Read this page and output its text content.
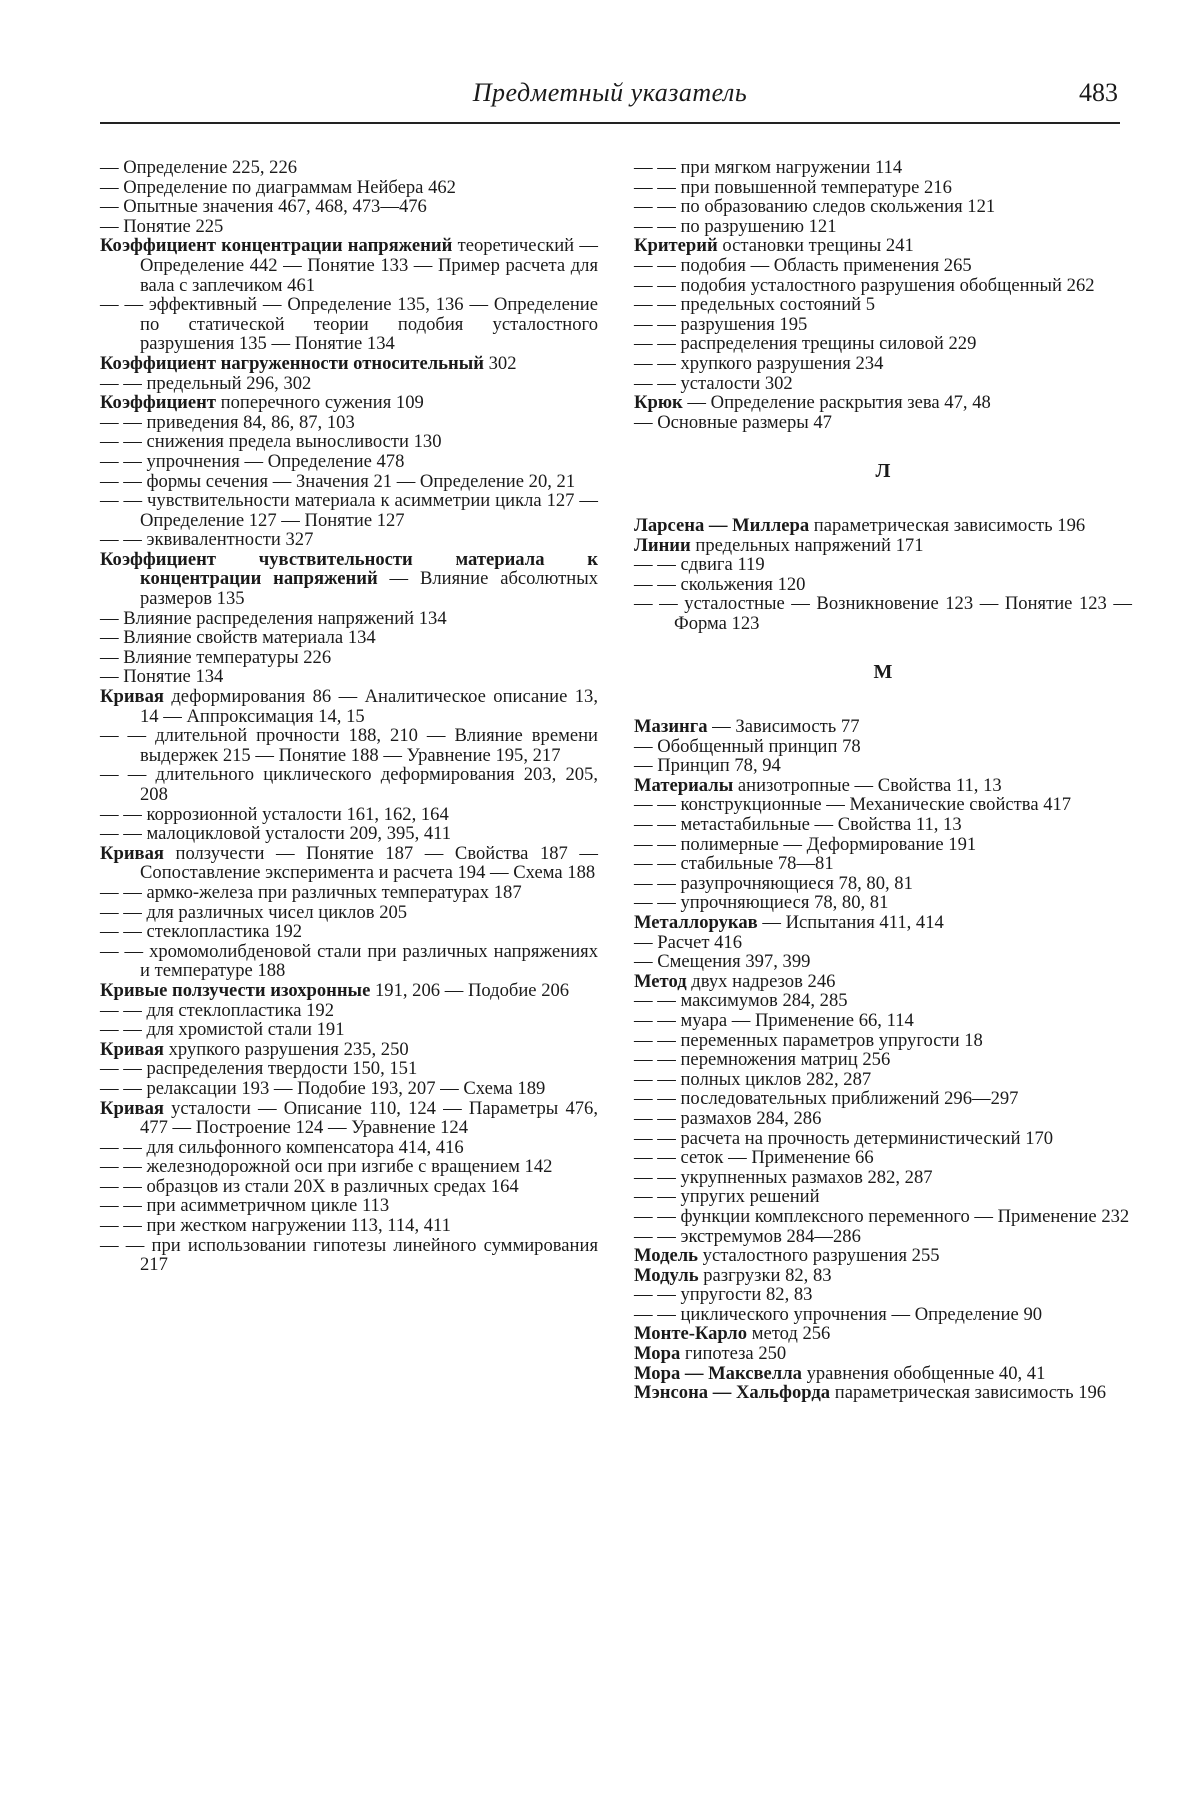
Предметный указатель	483

— Определение 225, 226

— Определение по диаграммам Нейбера 462

— Опытные значения 467, 468, 473—476

— Понятие 225

Коэффициент концентрации напряжений теоретический — Определение 442 — Понятие 133 — Пример расчета для вала с заплечиком 461

— — эффективный — Определение 135, 136 — Определение по статической теории подобия усталостного разрушения 135 — Понятие 134

Коэффициент нагруженности относительный 302

— — предельный 296, 302

Коэффициент поперечного сужения 109

— — приведения 84, 86, 87, 103

— — снижения предела выносливости 130

— — упрочнения — Определение 478

— — формы сечения — Значения 21 — Определение 20, 21

— — чувствительности материала к асимметрии цикла 127 — Определение 127 — Понятие 127

— — эквивалентности 327

Коэффициент чувствительности материала к концентрации напряжений — Влияние абсолютных размеров 135

— Влияние распределения напряжений 134

— Влияние свойств материала 134

— Влияние температуры 226

— Понятие 134

Кривая деформирования 86 — Аналитическое описание 13, 14 — Аппроксимация 14, 15

— — длительной прочности 188, 210 — Влияние времени выдержек 215 — Понятие 188 — Уравнение 195, 217

— — длительного циклического деформирования 203, 205, 208

— — коррозионной усталости 161, 162, 164

— — малоцикловой усталости 209, 395, 411

Кривая ползучести — Понятие 187 — Свойства 187 — Сопоставление эксперимента и расчета 194 — Схема 188

— — армко-железа при различных температурах 187

— — для различных чисел циклов 205

— — стеклопластика 192

— — хромомолибденовой стали при различных напряжениях и температуре 188

Кривые ползучести изохронные 191, 206 — Подобие 206

— — для стеклопластика 192

— — для хромистой стали 191

Кривая хрупкого разрушения 235, 250

— — распределения твердости 150, 151

— — релаксации 193 — Подобие 193, 207 — Схема 189

Кривая усталости — Описание 110, 124 — Параметры 476, 477 — Построение 124 — Уравнение 124

— — для сильфонного компенсатора 414, 416

— — железнодорожной оси при изгибе с вращением 142

— — образцов из стали 20Х в различных средах 164

— — при асимметричном цикле 113

— — при жестком нагружении 113, 114, 411

— — при использовании гипотезы линейного суммирования 217

— — при мягком нагружении 114

— — при повышенной температуре 216

— — по образованию следов скольжения 121

— — по разрушению 121

Критерий остановки трещины 241

— — подобия — Область применения 265

— — подобия усталостного разрушения обобщенный 262

— — предельных состояний 5

— — разрушения 195

— — распределения трещины силовой 229

— — хрупкого разрушения 234

— — усталости 302

Крюк — Определение раскрытия зева 47, 48

— Основные размеры 47

Л

Ларсена — Миллера параметрическая зависимость 196

Линии предельных напряжений 171

— — сдвига 119

— — скольжения 120

— — усталостные — Возникновение 123 — Понятие 123 — Форма 123

М

Мазинга — Зависимость 77

— Обобщенный принцип 78

— Принцип 78, 94

Материалы анизотропные — Свойства 11, 13

— — конструкционные — Механические свойства 417

— — метастабильные — Свойства 11, 13

— — полимерные — Деформирование 191

— — стабильные 78—81

— — разупрочняющиеся 78, 80, 81

— — упрочняющиеся 78, 80, 81

Металлорукав — Испытания 411, 414

— Расчет 416

— Смещения 397, 399

Метод двух надрезов 246

— — максимумов 284, 285

— — муара — Применение 66, 114

— — переменных параметров упругости 18

— — перемножения матриц 256

— — полных циклов 282, 287

— — последовательных приближений 296—297

— — размахов 284, 286

— — расчета на прочность детерминистический 170

— — сеток — Применение 66

— — укрупненных размахов 282, 287

— — упругих решений

— — функции комплексного переменного — Применение 232

— — экстремумов 284—286

Модель усталостного разрушения 255

Модуль разгрузки 82, 83

— — упругости 82, 83

— — циклического упрочнения — Определение 90

Монте-Карло метод 256

Мора гипотеза 250

Мора — Максвелла уравнения обобщенные 40, 41

Мэнсона — Хальфорда параметрическая зависимость 196
